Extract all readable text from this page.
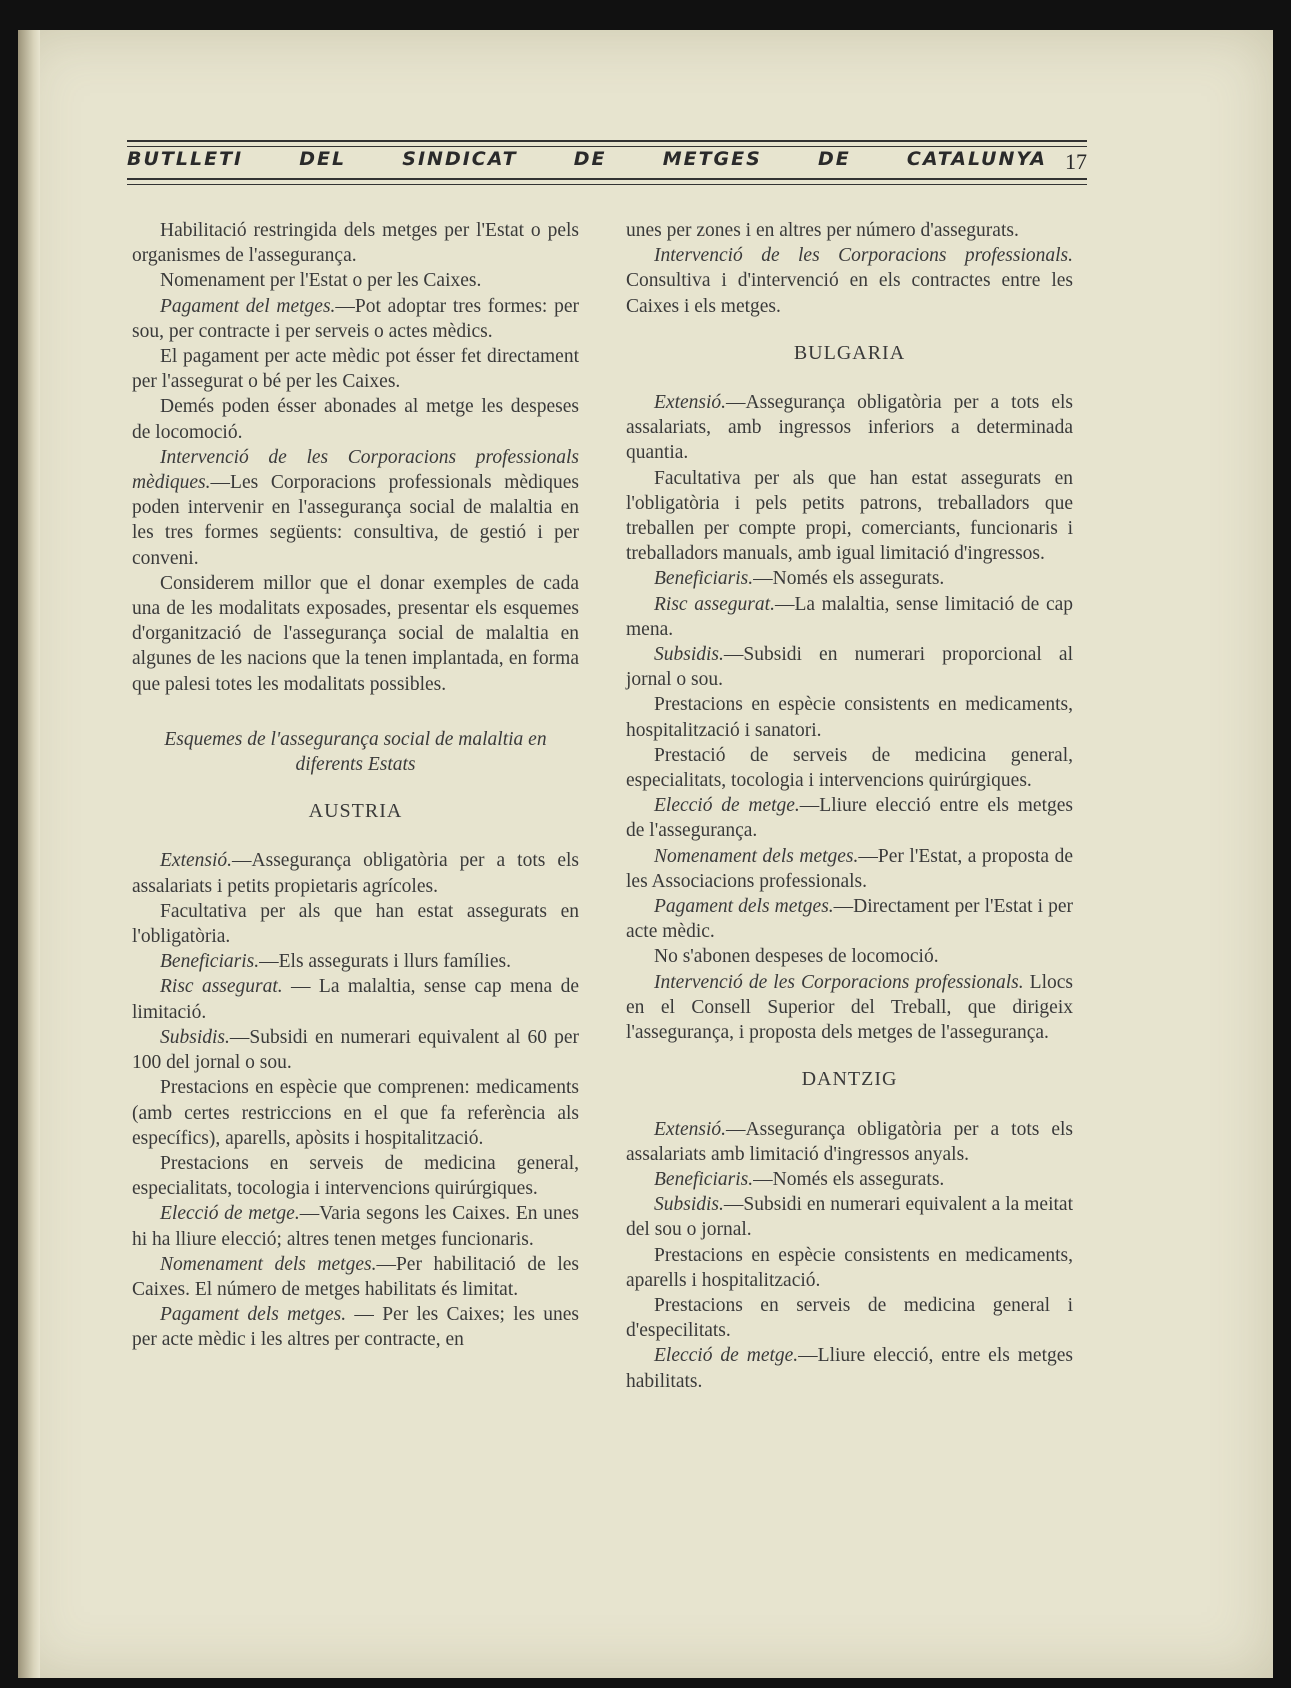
BUTLLETI	DEL	SINDICAT	DE	METGES	DE	CATALUNYA 17

Habilitació restringida dels metges per l'Estat o pels organismes de l'assegurança.

Nomenament per l'Estat o per les Caixes.

Pagament del metges.—Pot adoptar tres formes: per sou, per contracte i per serveis o actes mèdics.

El pagament per acte mèdic pot ésser fet directament per l'assegurat o bé per les Caixes.

Demés poden ésser abonades al metge les despeses de locomoció.

Intervenció de les Corporacions professionals mèdiques.—Les Corporacions professionals mèdiques poden intervenir en l'assegurança social de malaltia en les tres formes següents: consultiva, de gestió i per conveni.

Considerem millor que el donar exemples de cada una de les modalitats exposades, presentar els esquemes d'organització de l'assegurança social de malaltia en algunes de les nacions que la tenen implantada, en forma que palesi totes les modalitats possibles.

Esquemes de l'assegurança social de malaltia en diferents Estats

AUSTRIA

Extensió.—Assegurança obligatòria per a tots els assalariats i petits propietaris agrícoles.

Facultativa per als que han estat assegurats en l'obligatòria.

Beneficiaris.—Els assegurats i llurs famílies.

Risc assegurat. — La malaltia, sense cap mena de limitació.

Subsidis.—Subsidi en numerari equivalent al 60 per 100 del jornal o sou.

Prestacions en espècie que comprenen: medicaments (amb certes restriccions en el que fa referència als específics), aparells, apòsits i hospitalització.

Prestacions en serveis de medicina general, especialitats, tocologia i intervencions quirúrgiques.

Elecció de metge.—Varia segons les Caixes. En unes hi ha lliure elecció; altres tenen metges funcionaris.

Nomenament dels metges.—Per habilitació de les Caixes. El número de metges habilitats és limitat.

Pagament dels metges. — Per les Caixes; les unes per acte mèdic i les altres per contracte, en

unes per zones i en altres per número d'assegurats.

Intervenció de les Corporacions professionals. Consultiva i d'intervenció en els contractes entre les Caixes i els metges.

BULGARIA

Extensió.—Assegurança obligatòria per a tots els assalariats, amb ingressos inferiors a determinada quantia.

Facultativa per als que han estat assegurats en l'obligatòria i pels petits patrons, treballadors que treballen per compte propi, comerciants, funcionaris i treballadors manuals, amb igual limitació d'ingressos.

Beneficiaris.—Només els assegurats.

Risc assegurat.—La malaltia, sense limitació de cap mena.

Subsidis.—Subsidi en numerari proporcional al jornal o sou.

Prestacions en espècie consistents en medicaments, hospitalització i sanatori.

Prestació de serveis de medicina general, especialitats, tocologia i intervencions quirúrgiques.

Elecció de metge.—Lliure elecció entre els metges de l'assegurança.

Nomenament dels metges.—Per l'Estat, a proposta de les Associacions professionals.

Pagament dels metges.—Directament per l'Estat i per acte mèdic.

No s'abonen despeses de locomoció.

Intervenció de les Corporacions professionals. Llocs en el Consell Superior del Treball, que dirigeix l'assegurança, i proposta dels metges de l'assegurança.

DANTZIG

Extensió.—Assegurança obligatòria per a tots els assalariats amb limitació d'ingressos anyals.

Beneficiaris.—Només els assegurats.

Subsidis.—Subsidi en numerari equivalent a la meitat del sou o jornal.

Prestacions en espècie consistents en medicaments, aparells i hospitalització.

Prestacions en serveis de medicina general i d'especilitats.

Elecció de metge.—Lliure elecció, entre els metges habilitats.
